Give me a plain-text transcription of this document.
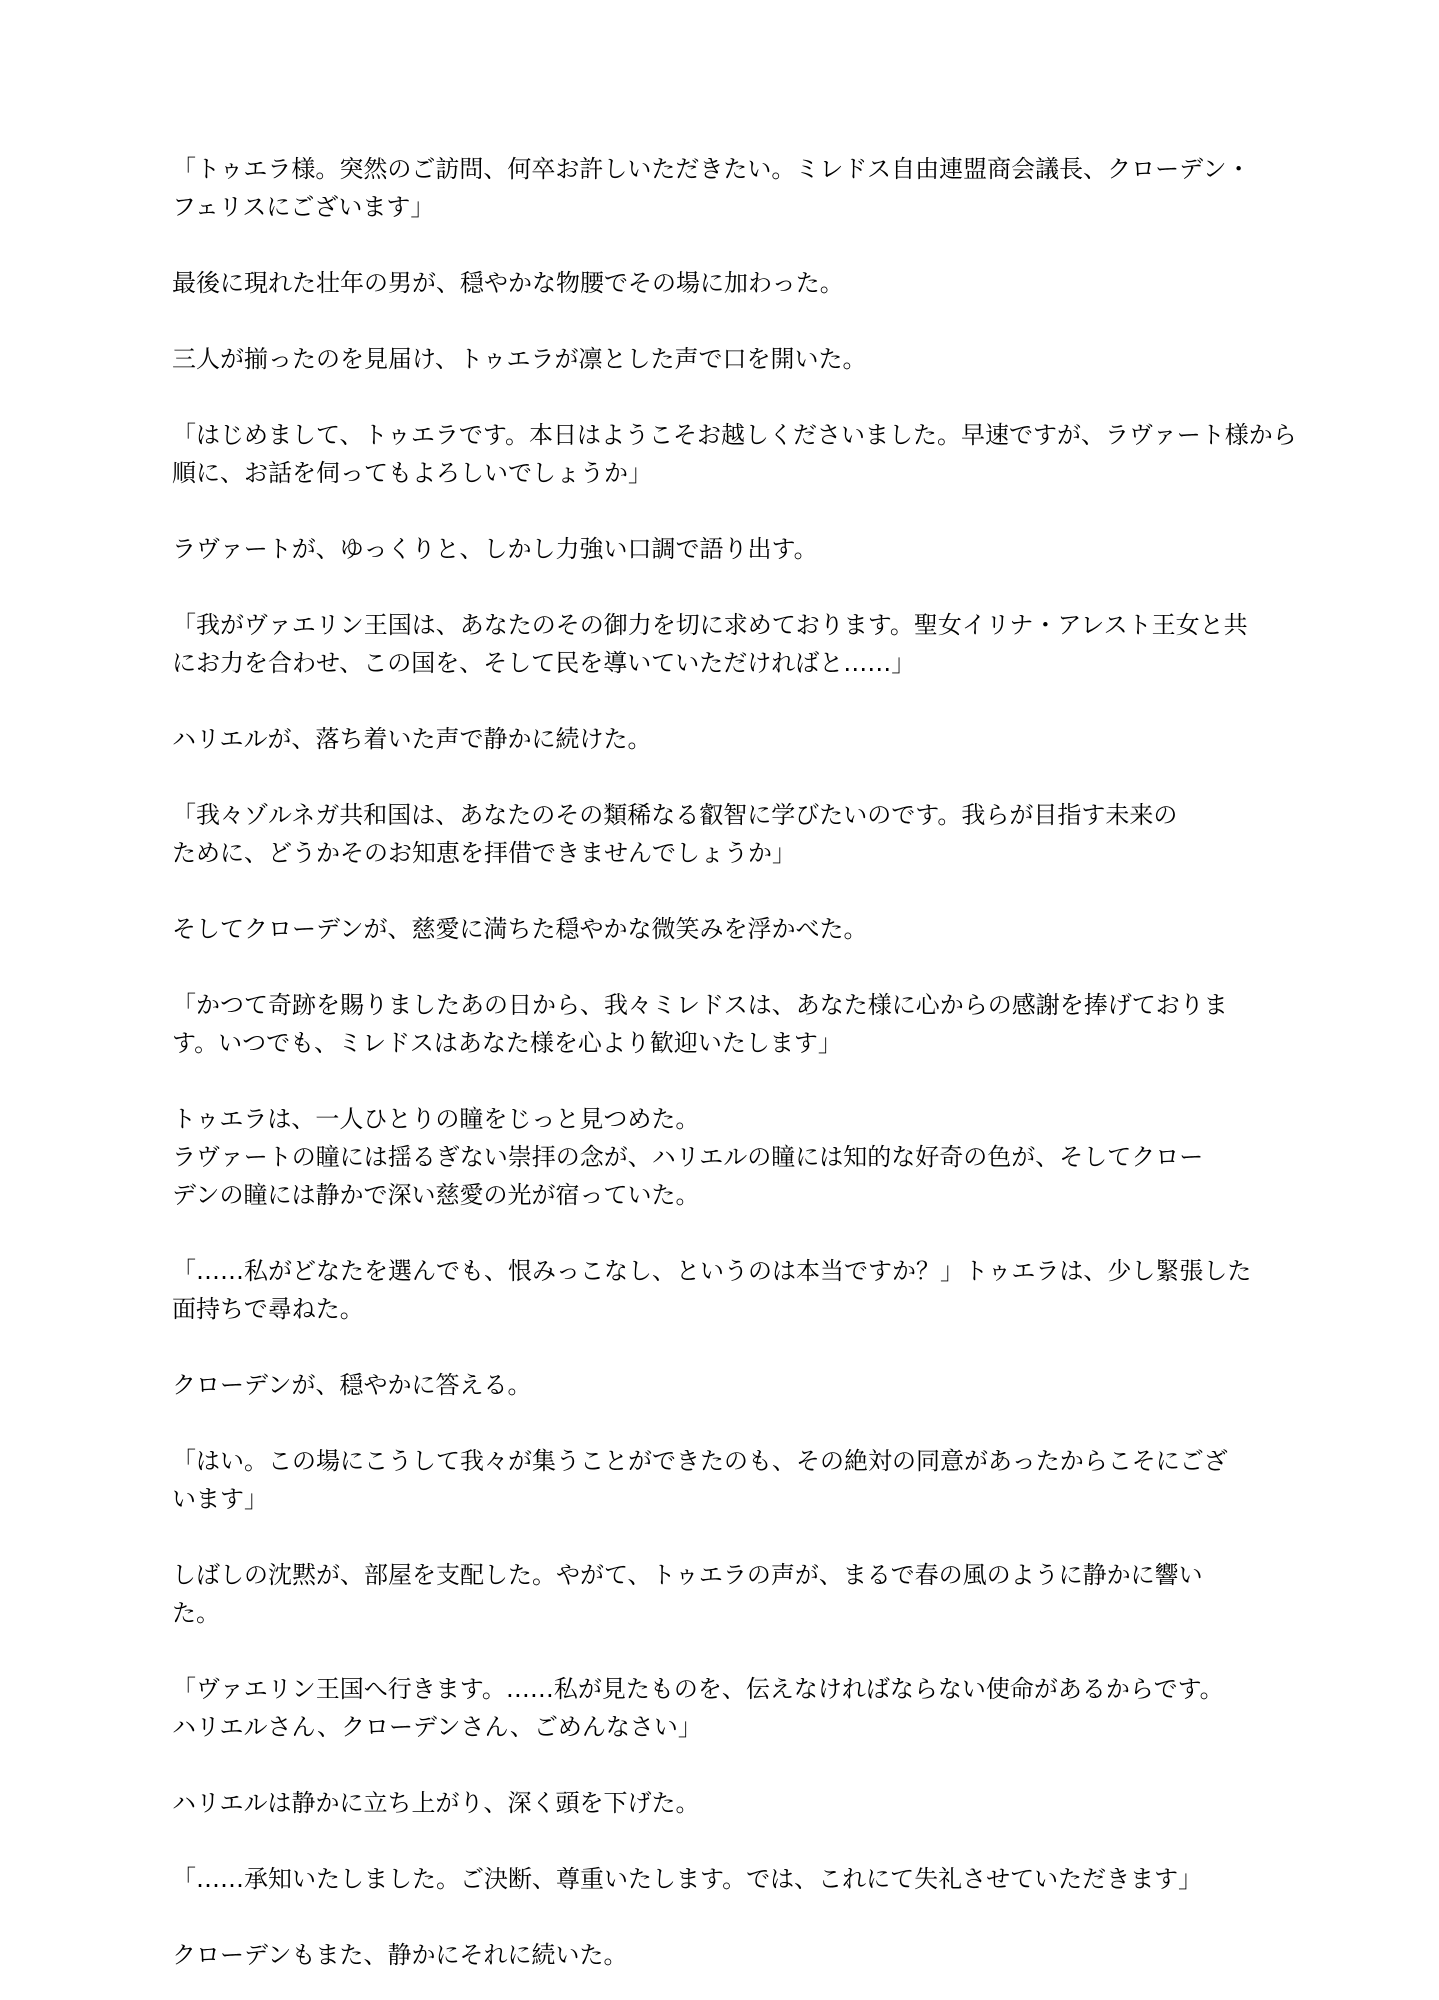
「トゥエラ様。突然のご訪問、何卒お許しいただきたい。ミレドス自由連盟商会議長、クローデン・
フェリスにございます」

最後に現れた壮年の男が、穏やかな物腰でその場に加わった。

三人が揃ったのを見届け、トゥエラが凛とした声で口を開いた。

「はじめまして、トゥエラです。本日はようこそお越しくださいました。早速ですが、ラヴァート様から
順に、お話を伺ってもよろしいでしょうか」

ラヴァートが、ゆっくりと、しかし力強い口調で語り出す。

「我がヴァエリン王国は、あなたのその御力を切に求めております。聖女イリナ・アレスト王女と共
にお力を合わせ、この国を、そして民を導いていただければと……」

ハリエルが、落ち着いた声で静かに続けた。

「我々ゾルネガ共和国は、あなたのその類稀なる叡智に学びたいのです。我らが目指す未来の
ために、どうかそのお知恵を拝借できませんでしょうか」

そしてクローデンが、慈愛に満ちた穏やかな微笑みを浮かべた。

「かつて奇跡を賜りましたあの日から、我々ミレドスは、あなた様に心からの感謝を捧げておりま
す。いつでも、ミレドスはあなた様を心より歓迎いたします」

トゥエラは、一人ひとりの瞳をじっと見つめた。
ラヴァートの瞳には揺るぎない崇拝の念が、ハリエルの瞳には知的な好奇の色が、そしてクロー
デンの瞳には静かで深い慈愛の光が宿っていた。

「……私がどなたを選んでも、恨みっこなし、というのは本当ですか？」トゥエラは、少し緊張した
面持ちで尋ねた。

クローデンが、穏やかに答える。

「はい。この場にこうして我々が集うことができたのも、その絶対の同意があったからこそにござ
います」

しばしの沈黙が、部屋を支配した。やがて、トゥエラの声が、まるで春の風のように静かに響い
た。

「ヴァエリン王国へ行きます。……私が見たものを、伝えなければならない使命があるからです。
ハリエルさん、クローデンさん、ごめんなさい」

ハリエルは静かに立ち上がり、深く頭を下げた。

「……承知いたしました。ご決断、尊重いたします。では、これにて失礼させていただきます」

クローデンもまた、静かにそれに続いた。
